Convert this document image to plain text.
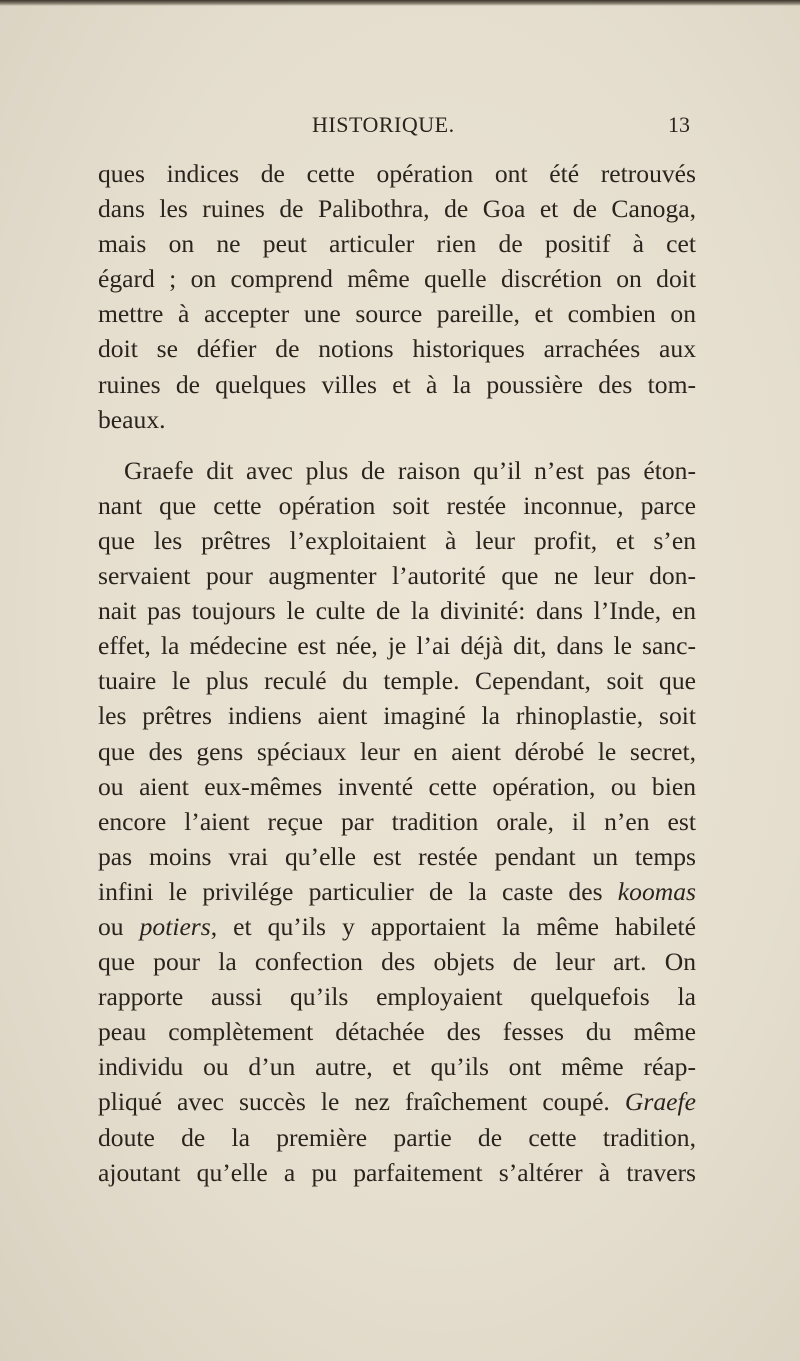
HISTORIQUE.	13
ques indices de cette opération ont été retrouvés
dans les ruines de Palibothra, de Goa et de Canoga,
mais on ne peut articuler rien de positif à cet
égard ; on comprend même quelle discrétion on doit
mettre à accepter une source pareille, et combien on
doit se défier de notions historiques arrachées aux
ruines de quelques villes et à la poussière des tom-
beaux.
Graefe dit avec plus de raison qu’il n’est pas éton-
nant que cette opération soit restée inconnue, parce
que les prêtres l’exploitaient à leur profit, et s’en
servaient pour augmenter l’autorité que ne leur don-
nait pas toujours le culte de la divinité: dans l’Inde, en
effet, la médecine est née, je l’ai déjà dit, dans le sanc-
tuaire le plus reculé du temple. Cependant, soit que
les prêtres indiens aient imaginé la rhinoplastie, soit
que des gens spéciaux leur en aient dérobé le secret,
ou aient eux-mêmes inventé cette opération, ou bien
encore l’aient reçue par tradition orale, il n’en est
pas moins vrai qu’elle est restée pendant un temps
infini le privilége particulier de la caste des koomas
ou potiers, et qu’ils y apportaient la même habileté
que pour la confection des objets de leur art. On
rapporte aussi qu’ils employaient quelquefois la
peau complètement détachée des fesses du même
individu ou d’un autre, et qu’ils ont même réap-
pliqué avec succès le nez fraîchement coupé. Graefe
doute de la première partie de cette tradition,
ajoutant qu’elle a pu parfaitement s’altérer à travers
